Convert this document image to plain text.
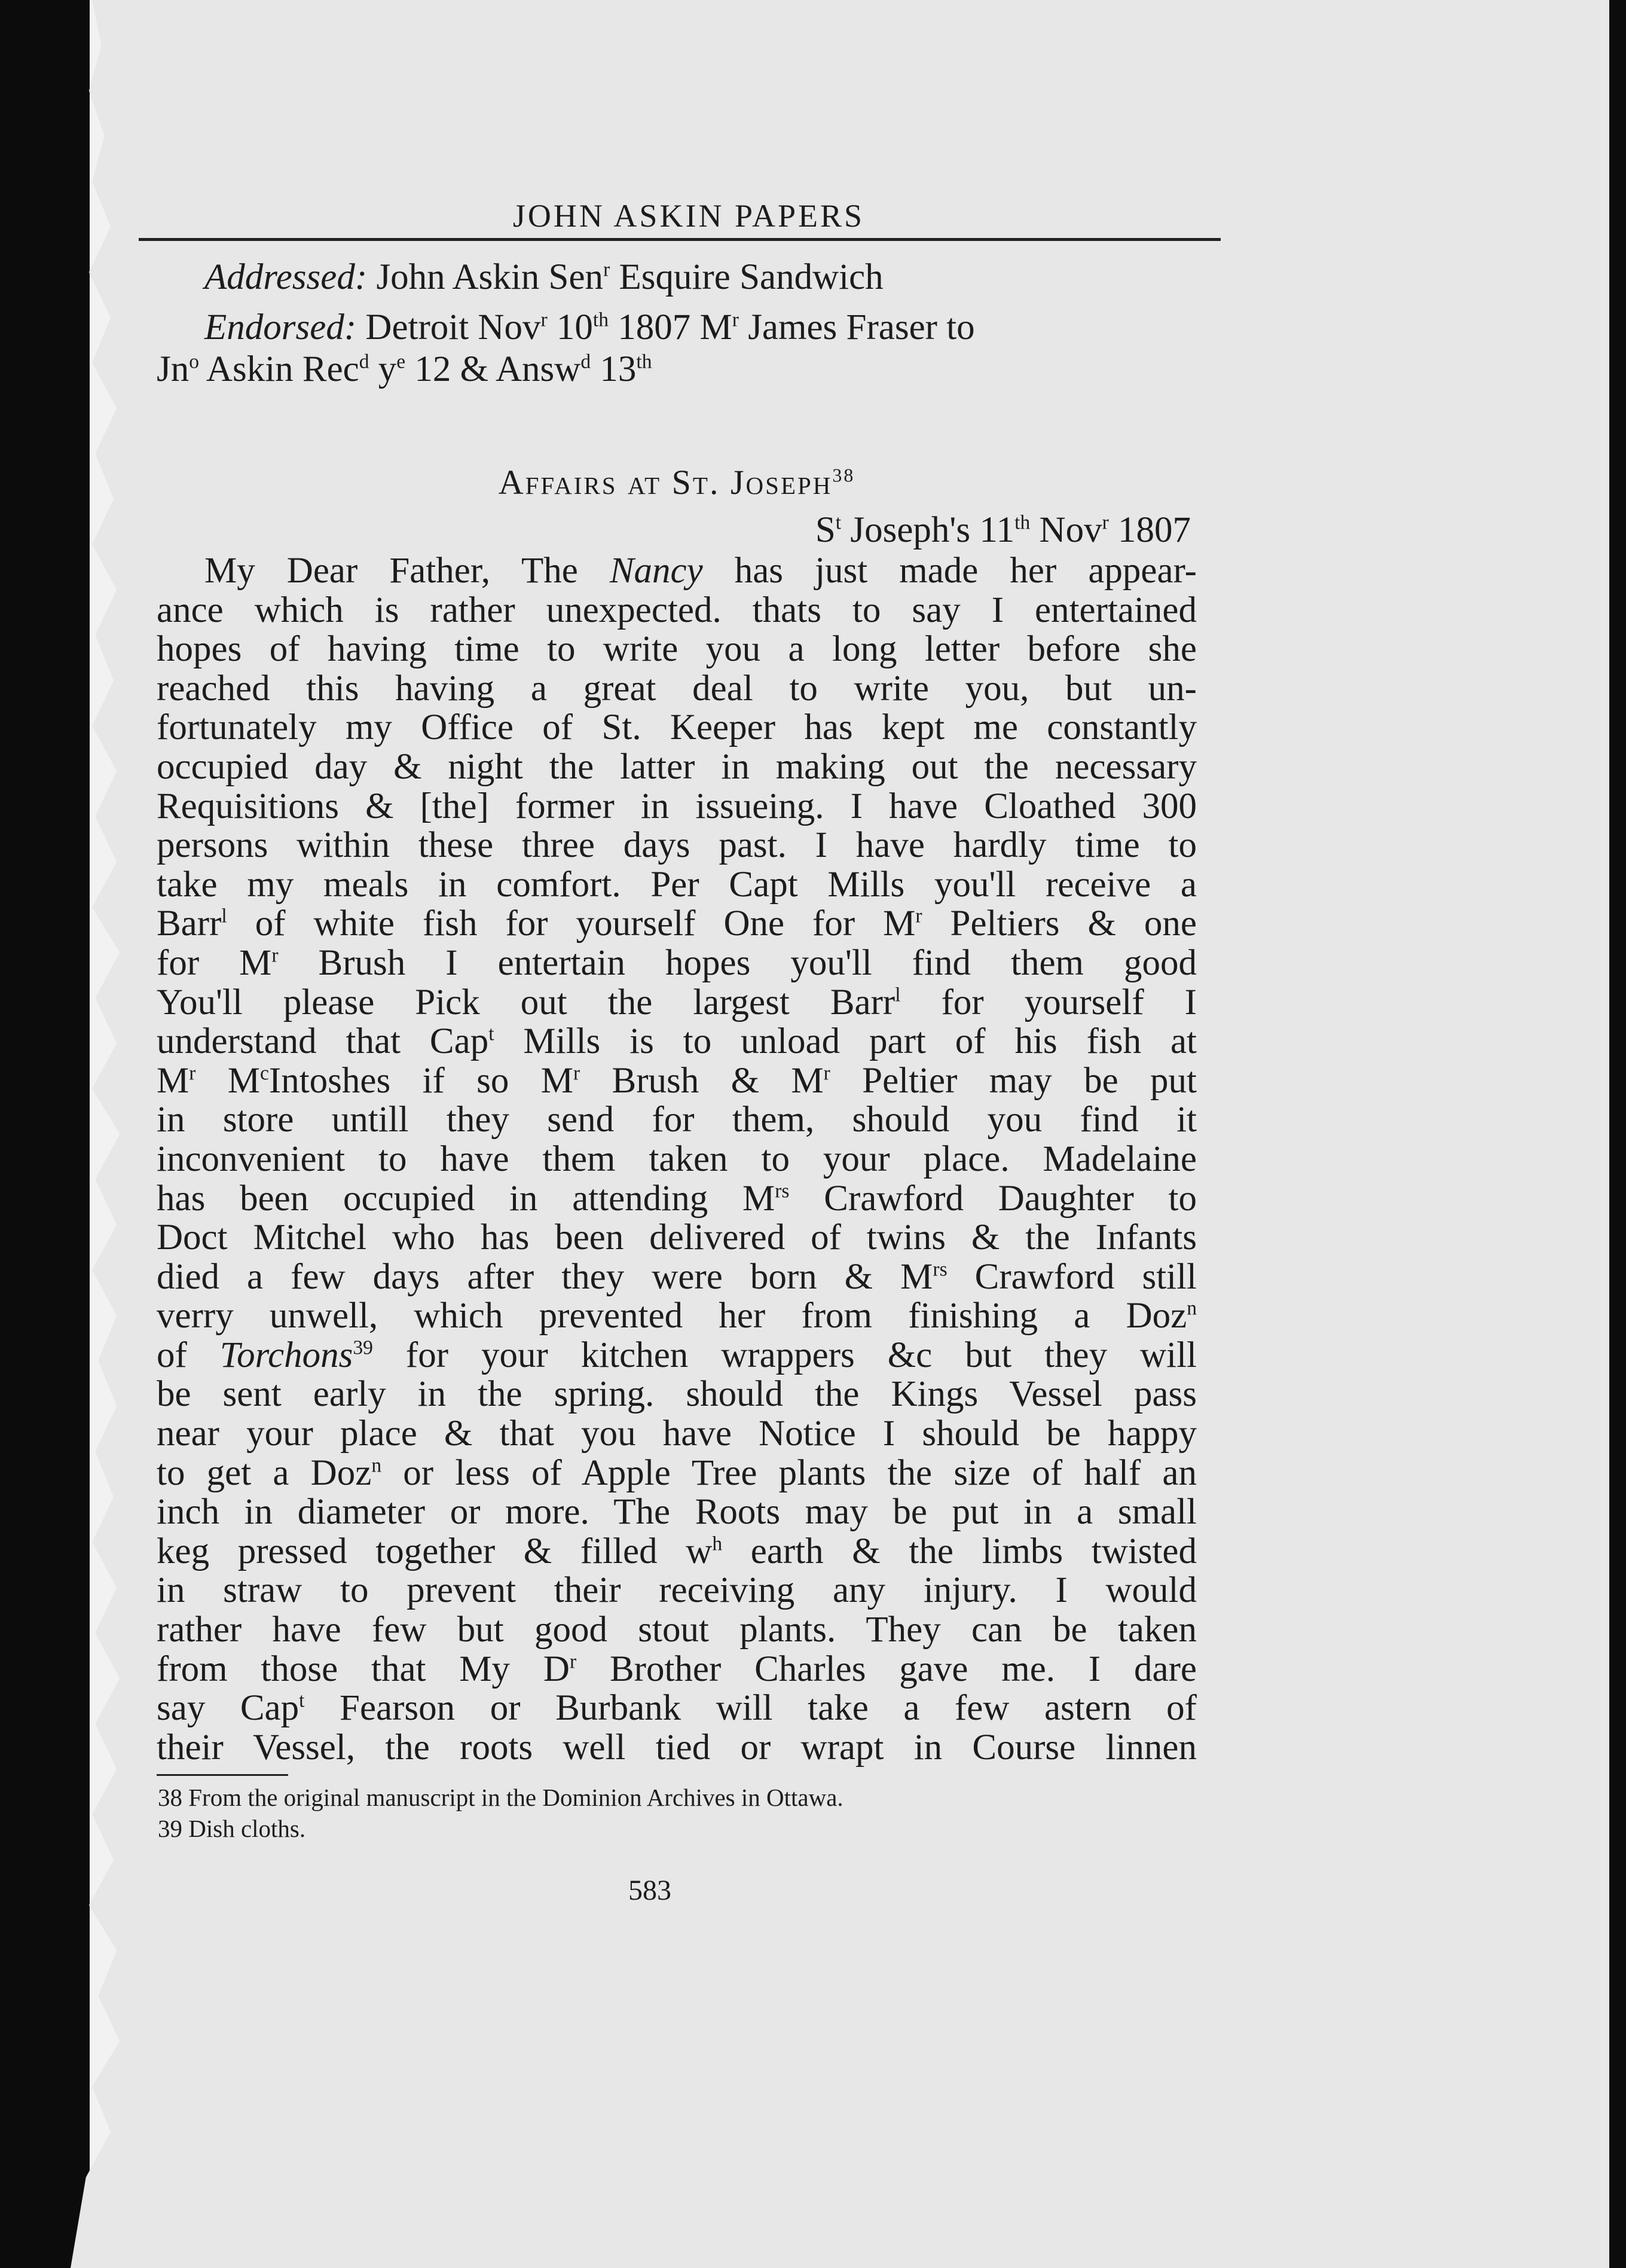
JOHN ASKIN PAPERS

Addressed: John Askin Sen$^r$ Esquire Sandwich

Endorsed: Detroit Nov$^r$ 10th 1807 $M^r$ James Fraser to

Jn$^o$ Askin Rec$^d$ $y^e$ 12 & Answ$^d$ 13th

Affairs at St. Joseph$^{38}$
$S^t$ Joseph's 11th Nov$^r$ 1807
My Dear Father, The Nancy has just made her appear-
ance which is rather unexpected. thats to say I entertained
hopes of having time to write you a long letter before she
reached this having a great deal to write you, but un-
fortunately my Office of St. Keeper has kept me constantly
occupied day & night the latter in making out the necessary
Requisitions & [the] former in issueing. I have Cloathed 300
persons within these three days past. I have hardly time to
take my meals in comfort. Per Capt Mills you'll receive a
Barr$^l$ of white fish for yourself One for $M^r$ Peltiers & one
for $M^r$ Brush I entertain hopes you'll find them good
You'll please Pick out the largest Barr$^l$ for yourself I
understand that Cap$^t$ Mills is to unload part of his fish at
$M^r$ $M^cIntoshes$ if so $M^r$ Brush & $M^r$ Peltier may be put
in store untill they send for them, should you find it
inconvenient to have them taken to your place. Madelaine
has been occupied in attending $M^{rs}$ Crawford Daughter to
Doct Mitchel who has been delivered of twins & the Infants
died a few days after they were born & $M^{rs}$ Crawford still
verry unwell, which prevented her from finishing a Doz$^n$
of Torchons$^{39}$ for your kitchen wrappers &c but they will
be sent early in the spring. should the Kings Vessel pass
near your place & that you have Notice I should be happy
to get a Doz$^n$ or less of Apple Tree plants the size of half an
inch in diameter or more. The Roots may be put in a small
keg pressed together & filled $w^h$ earth & the limbs twisted
in straw to prevent their receiving any injury. I would
rather have few but good stout plants. They can be taken
from those that My $D^r$ Brother Charles gave me. I dare
say Cap$^t$ Fearson or Burbank will take a few astern of
their Vessel, the roots well tied or wrapt in Course linnen

38 From the original manuscript in the Dominion Archives in Ottawa.

39 Dish cloths.

583
